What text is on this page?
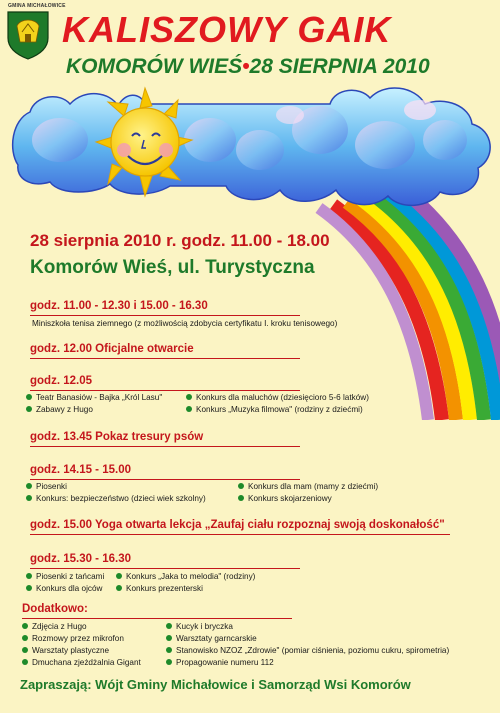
GMINA MICHAŁOWICE
KALISZOWY GAIK
KOMORÓW WIEŚ•28 SIERPNIA 2010
28 sierpnia 2010 r. godz. 11.00 - 18.00
Komorów Wieś, ul. Turystyczna
godz. 11.00 - 12.30 i 15.00 - 16.30
Miniszkoła tenisa ziemnego (z możliwością zdobycia certyfikatu I. kroku tenisowego)
godz. 12.00 Oficjalne otwarcie
godz. 12.05
Teatr Banasiów - Bajka „Król Lasu"
Zabawy z Hugo
Konkurs dla maluchów (dziesięcioro 5-6 latków)
Konkurs „Muzyka filmowa" (rodziny z dziećmi)
godz. 13.45 Pokaz tresury psów
godz. 14.15 - 15.00
Piosenki
Konkurs: bezpieczeństwo (dzieci wiek szkolny)
Konkurs dla mam (mamy z dziećmi)
Konkurs skojarzeniowy
godz. 15.00 Yoga otwarta lekcja „Zaufaj ciału rozpoznaj swoją doskonałość"
godz. 15.30 - 16.30
Piosenki z tańcami
Konkurs dla ojców
Konkurs „Jaka to melodia" (rodziny)
Konkurs prezenterski
Dodatkowo:
Zdjęcia z Hugo
Rozmowy przez mikrofon
Warsztaty plastyczne
Dmuchana zjeżdżalnia Gigant
Kucyk i bryczka
Warsztaty garncarskie
Stanowisko NZOZ „Zdrowie" (pomiar ciśnienia, poziomu cukru, spirometria)
Propagowanie numeru 112
Zapraszają: Wójt Gminy Michałowice i Samorząd Wsi Komorów
